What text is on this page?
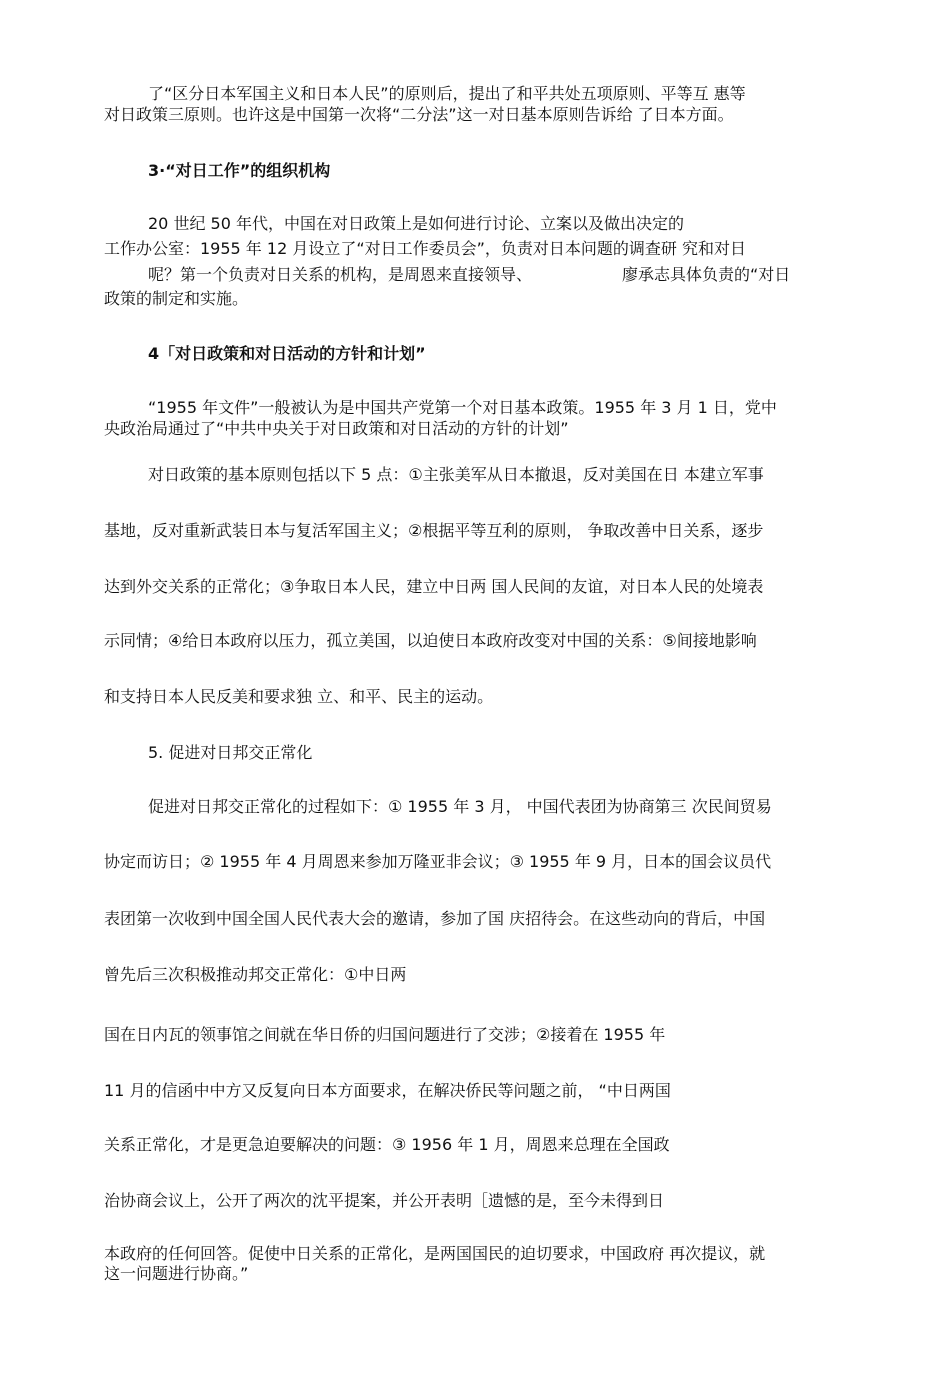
了“区分日本军国主义和日本人民”的原则后，提出了和平共处五项原则、平等互 惠等
对日政策三原则。也许这是中国第一次将“二分法”这一对日基本原则告诉给 了日本方面。
3·“对日工作”的组织机构
20 世纪 50 年代，中国在对日政策上是如何进行讨论、立案以及做出决定的
工作办公室：1955 年 12 月设立了“对日工作委员会”，负责对日本问题的调查研 究和对日
呢？第一个负责对日关系的机构，是周恩来直接领导、	廖承志具体负责的“对日
政策的制定和实施。
4「对日政策和对日活动的方针和计划”
“1955 年文件”一般被认为是中国共产党第一个对日基本政策。1955 年 3 月 1 日，党中
央政治局通过了“中共中央关于对日政策和对日活动的方针的计划”
对日政策的基本原则包括以下 5 点：①主张美军从日本撤退，反对美国在日 本建立军事
基地，反对重新武装日本与复活军国主义；②根据平等互利的原则， 争取改善中日关系，逐步
达到外交关系的正常化；③争取日本人民，建立中日两 国人民间的友谊，对日本人民的处境表
示同情；④给日本政府以压力，孤立美国，以迫使日本政府改变对中国的关系：⑤间接地影响
和支持日本人民反美和要求独 立、和平、民主的运动。
5. 促进对日邦交正常化
促进对日邦交正常化的过程如下：① 1955 年 3 月， 中国代表团为协商第三 次民间贸易
协定而访日；② 1955 年 4 月周恩来参加万隆亚非会议；③ 1955 年 9 月，日本的国会议员代
表团第一次收到中国全国人民代表大会的邀请，参加了国 庆招待会。在这些动向的背后，中国
曾先后三次积极推动邦交正常化：①中日两
国在日内瓦的领事馆之间就在华日侨的归国问题进行了交涉；②接着在 1955 年
11 月的信函中中方又反复向日本方面要求，在解决侨民等问题之前， “中日两国
关系正常化，才是更急迫要解决的问题：③ 1956 年 1 月，周恩来总理在全国政
治协商会议上，公开了两次的沈平提案，并公开表明［遗憾的是，至今未得到日
本政府的任何回答。促使中日关系的正常化，是两国国民的迫切要求，中国政府 再次提议，就
这一问题进行协商。”
